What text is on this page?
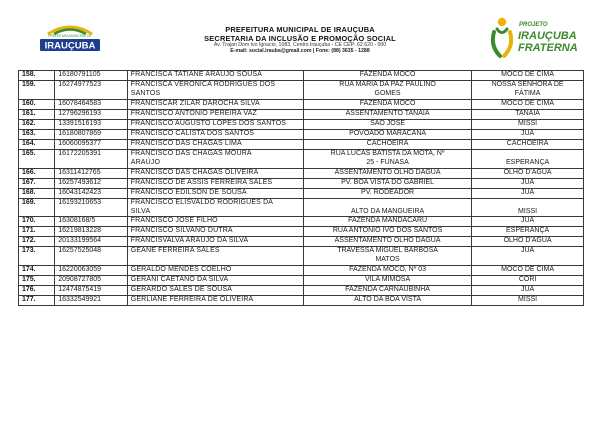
PREFEITURA MUNICIPAL DE
IRAUÇUBA
PREFEITURA MUNICIPAL DE IRAUÇUBA
SECRETARIA DA INCLUSÃO E PROMOÇÃO SOCIAL
Av. Trajan Dom Ivo Ignacio, 1083, Centro Irauçuba - CE CEP: 62.620 - 000
E-mail: social.irauba@gmail.com | Fone: (88) 3635 - 1288
PROJETO
IRAUÇUBA
FRATERNA
158.	16180791105	FRANCISCA TATIANE ARAUJO SOUSA	FAZENDA MOCÓ	MOCÓ DE CIMA

159.	16274977523	FRANCISCA VERÔNICA RODRIGUES DOS
SANTOS	RUA MARIA DA PAZ PAULINO
GOMES	NOSSA SENHORA DE
FÁTIMA

160.	16078464583	FRANCISCAR ZILAR DAROCHA SILVA	FAZENDA MOCÓ	MOCÓ DE CIMA

161.	12796296193	FRANCISCO ANTONIO PEREIRA VAZ	ASSENTAMENTO TANAIÁ	TANAIÁ

162.	13391516193	FRANCISCO AUGUSTO LOPES DOS SANTOS	SÃO JOSÉ	MISSI

163.	16180807869	FRANCISCO CALISTA DOS SANTOS	POVOADO MARACANÃ	JUÁ

164.	16060095377	FRANCISCO DAS CHAGAS LIMA	CACHOEIRA	CACHOEIRA

165.	16172205391	FRANCISCO DAS CHAGAS MOURA
ARAÚJO	RUA LUCAS BATISTA DA MOTA, Nº
25 - FUNASA	ESPERANÇA

166.	16311412765	FRANCISCO DAS CHAGAS OLIVEIRA	ASSENTAMENTO OLHO DAGUA	OLHO D'ÁGUA

167.	16257493612	FRANCISCO DE ASSIS FERREIRA SALES	PV. BOA VISTA DO GABRIEL	JUÁ

168.	16043142423	FRANCISCO EDILSON DE SOUSA	PV. RODEADOR	JUÁ

169.	16193210653	FRANCISCO ELISVALDO RODRIGUES DA
SILVA	ALTO DA MANGUEIRA	MISSI

170.	16308168/5	FRANCISCO JOSÉ FILHO	FAZENDA MANDACARU	JUÁ

171.	16219813228	FRANCISCO SILVANO DUTRA	RUA ANTONIO IVO DOS SANTOS	ESPERANÇA

172.	20133199564	FRANCISVALVA ARAÚJO DA SILVA	ASSENTAMENTO OLHO DAGUA	OLHO D'ÁGUA

173.	16257525048	GEANE FERREIRA SALES	TRAVESSA MIGUEL BARBOSA
MATOS	JUÁ

174.	16220063059	GERALDO MENDES COELHO	FAZENDA MOCÓ, Nº 03	MOCÓ DE CIMA

175.	20908727805	GERANI CAETANO DA SILVA	VILA MIMOSA	CORÍ

176.	12474875419	GERARDO SALES DE SOUSA	FAZENDA CARNAUBINHA	JUÁ

177.	16332549921	GERLIANE FERREIRA DE OLIVEIRA	ALTO DA BOA VISTA	MISSI
